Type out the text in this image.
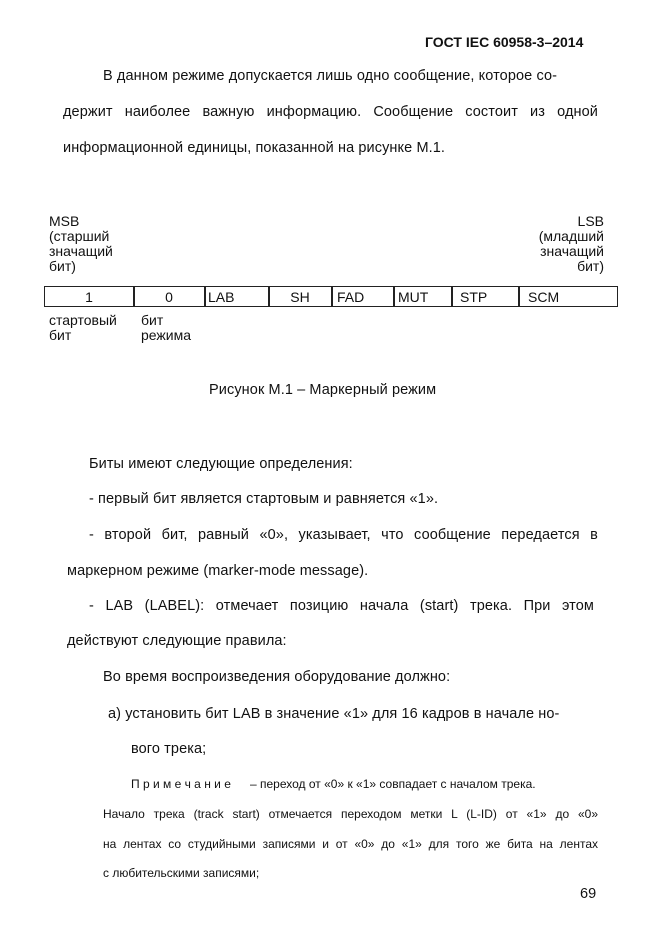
ГОСТ IEC 60958-3–2014
В данном режиме допускается лишь одно сообщение, которое со-
держит наиболее важную информацию. Сообщение состоит из одной
информационной единицы, показанной на рисунке М.1.
MSB
(старший
значащий
бит)
LSB
(младший
значащий
бит)
1	0	LAB	SH	FAD	MUT	STP	SCM
стартовый
бит
бит
режима
Рисунок М.1 – Маркерный режим
Биты имеют следующие определения:
- первый бит является стартовым и равняется «1».
- второй бит, равный «0», указывает, что сообщение передается в
маркерном режиме (marker-mode message).
- LAB (LABEL): отмечает позицию начала (start) трека. При этом
действуют следующие правила:
Во время воспроизведения оборудование должно:
а) установить бит LAB в значение «1» для 16 кадров в начале но-
вого трека;
П р и м е ч а н и е – переход от «0» к «1» совпадает с началом трека.
Начало трека (track start) отмечается переходом метки L (L-ID) от «1» до «0»
на лентах со студийными записями и от «0» до «1» для того же бита на лентах
с любительскими записями;
69
